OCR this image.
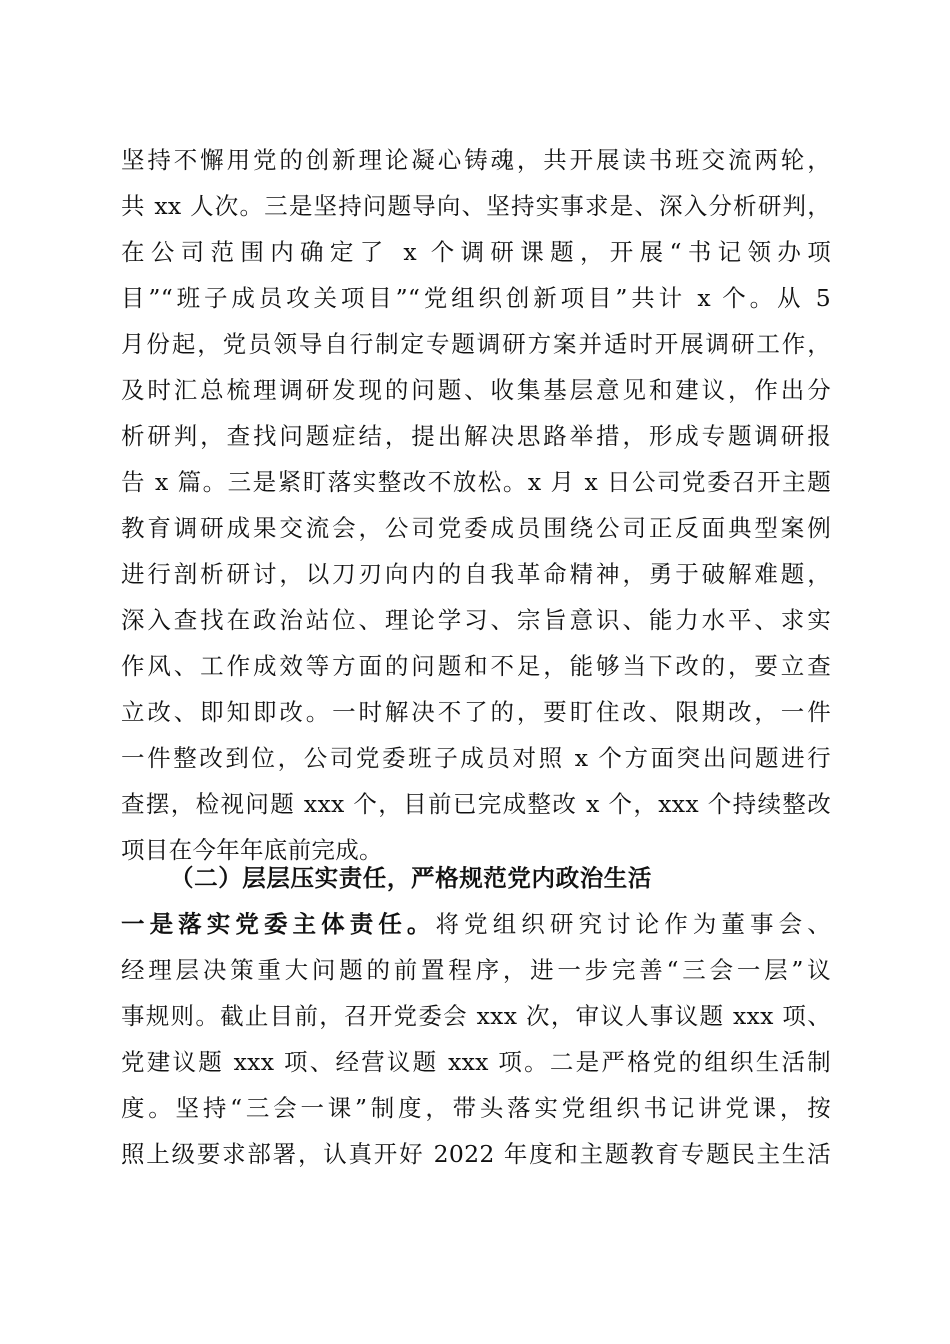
坚持不懈用党的创新理论凝心铸魂，共开展读书班交流两轮，
共 xx 人次。三是坚持问题导向、坚持实事求是、深入分析研判，
在公司范围内确定了 x 个调研课题，开展“书记领办项
目”“班子成员攻关项目”“党组织创新项目”共计 x 个。从 5
月份起，党员领导自行制定专题调研方案并适时开展调研工作，
及时汇总梳理调研发现的问题、收集基层意见和建议，作出分
析研判，查找问题症结，提出解决思路举措，形成专题调研报
告 x 篇。三是紧盯落实整改不放松。x 月 x 日公司党委召开主题
教育调研成果交流会，公司党委成员围绕公司正反面典型案例
进行剖析研讨，以刀刃向内的自我革命精神，勇于破解难题，
深入查找在政治站位、理论学习、宗旨意识、能力水平、求实
作风、工作成效等方面的问题和不足，能够当下改的，要立查
立改、即知即改。一时解决不了的，要盯住改、限期改，一件
一件整改到位，公司党委班子成员对照 x 个方面突出问题进行
查摆，检视问题 xxx 个，目前已完成整改 x 个，xxx 个持续整改
项目在今年年底前完成。
（二）层层压实责任，严格规范党内政治生活
一是落实党委主体责任。将党组织研究讨论作为董事会、
经理层决策重大问题的前置程序，进一步完善“三会一层”议
事规则。截止目前，召开党委会 xxx 次，审议人事议题 xxx 项、
党建议题 xxx 项、经营议题 xxx 项。二是严格党的组织生活制
度。坚持“三会一课”制度，带头落实党组织书记讲党课，按
照上级要求部署，认真开好 2022 年度和主题教育专题民主生活
